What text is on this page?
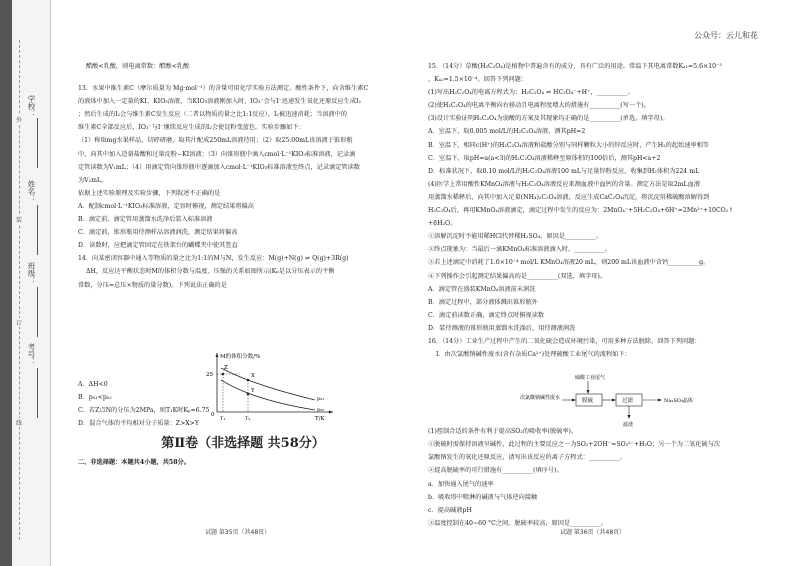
外
装
订
线
学校：
姓名：
班级：
考号：
公众号：云儿和花

醋酸<乳酸，则电离常数：醋酸<乳酸

13．水果中维生素C（摩尔质量为 Mg·mol⁻¹）的含量可用化学实验方法测定。酸性条件下，向含维生素C

的液体中加入一定量的KI、KIO₃溶液，当KIO₃溶液刚加入时，IO₃⁻会与I⁻迅速发生氧化还原反应生成I₂

；然后生成的I₂会与维生素C发生反应（二者以物质的量之比1:1反应），I₂被迅速消耗；当溶液中的

维生素C全部反应后，IO₃⁻与I⁻继续反应生成的I₂会使淀粉变蓝色。实验步骤如下：

（1）称取mg水果样品，切碎研磨，取其汁配成250mL溶液待用；（2）取25.00mL该溶液于锥形瓶

中，向其中加入适量盐酸和过量淀粉−KI溶液；（3）向锥形瓶中滴入cmol·L⁻¹KIO₃标准溶液，记录滴

定管读数为V₁mL；（4）用滴定管向锥形瓶中逐滴加入cmol·L⁻¹KIO₃标准溶液至终点，记录滴定管读数

为V₂mL。

依据上述实验原理及实验步骤，下列叙述不正确的是

A．配制cmol·L⁻¹KIO₃标准溶液，定容时俯视，测定结果将偏高

B．滴定前，滴定管用蒸馏水洗净后装入标准溶液

C．滴定前，锥形瓶用待测样品溶液润洗，测定结果将偏高

D．读数时，应把滴定管固定在铁架台的蝴蝶夹中使其竖直

14．向某密闭容器中通入等物质的量之比为1:1的M与N，发生反应：M(g)+N(g) ⇌ Q(g)+3R(g)

ΔH，反应达平衡状态时M的体积分数与温度、压强的关系如图所示(Kₚ是以分压表示的平衡

常数，分压=总压×物质的量分数)。下列说法正确的是

A．ΔH<0

B．p₀₁<p₀₂

C．若Z点N的分压为2MPa，则T₁K时Kₚ=6.75

D．混合气体的平均相对分子质量：Z>X>Y

第Ⅱ卷（非选择题 共58分）

二、非选择题：本题共4小题，共58分。

M的体积分数/%
25
0
T/K
Z
X
Y
p₀₁
p₀₂
T₁	T₂

15．（14分）草酸(H₂C₂O₄)是植物中普遍含有的成分，具有广泛的用途。常温下其电离常数Kₐ₁=5.6×10⁻²

，Kₐ₂=1.5×10⁻⁴。回答下列问题：

(1)写出H₂C₂O₄的电离方程式为：H₂C₂O₄ ⇌ HC₂O₄⁻+H⁺，__________。

(2)使H₂C₂O₄的电离平衡向右移动且电离程度增大的措施有__________(写一个)。

(3)设计实验证明H₂C₂O₄为弱酸的方案及其现象均正确的是__________(单选，填字母)。

A．室温下，取0.005 mol/L的H₂C₂O₄溶液，测其pH=2

B．室温下，相同c(H⁺)的H₂C₂O₄溶液和盐酸分别与同样颗粒大小的锌反应时，产生H₂的起始速率相等

C．室温下，取pH=a(a<3)的H₂C₂O₄溶液稀释至原体积的100倍后，测其pH<a+2

D．标准状况下，取0.10 mol/L的H₂C₂O₄溶液100 mL与足量锌粉反应，收集到H₂体积为224 mL

(4)医学上常用酸性KMnO₄溶液与H₂C₂O₄溶液反应来测血液中血钙的含量。测定方法是取2mL血液

用蒸馏水稀释后，向其中加入足量(NH₄)₂C₂O₄溶液，反应生成CaC₂O₄沉淀，将沉淀用稀硫酸溶解得到

H₂C₂O₄后，再用KMnO₄溶液滴定，滴定过程中发生的反应为：2MnO₄⁻+5H₂C₂O₄+6H⁺=2Mn²⁺+10CO₂↑

+8H₂O。

①溶解沉淀时不能用稀HCl代替稀H₂SO₄，原因是__________。

②终点现象为：当最后一滴KMnO₄标准溶液滴入时，__________。

③若上述滴定中消耗了1.0×10⁻⁴ mol/L KMnO₄溶液20 mL，则200 mL该血液中含钙__________g。

④下列操作会引起测定结果偏高的是__________(双选，填字母)。

A．滴定管在盛装KMnO₄溶液前未润洗

B．滴定过程中，部分液体溅出锥形瓶外

C．滴定前读数正确，滴定终点时俯视读数

D．装待测液的锥形瓶用蒸馏水洗涤后，用待测液润洗

16．（14分）工业生产过程中产生的二氧化硫会造成环境污染，可用多种方法脱除。回答下列问题：

Ⅰ．由次氯酸钠碱性废水(含有杂质Ca²⁺)处理硫酸工业尾气的流程如下：

(1)控制合适的条件有利于提高SO₂的吸收率(脱硫率)。

①脱硫时需保持溶液呈碱性，此过程的主要反应之一为SO₂+2OH⁻=SO₃²⁻+H₂O；另一个为二氧化硫与次

氯酸钠发生的氧化还原反应，请写出该反应的离子方程式：__________。

②提高脱硫率的可行措施有__________(填序号)。

a．加快通入尾气的速率

b．吸收塔中喷淋的碱液与气体逆向接触

c．提高碱液pH

③温度控制在40~60 °C之间，脱硫率较高，原因是__________。

硫酸工业尾气
次氯酸钠碱性废水	脱硫	过滤	Na₂SO₄晶体
滤渣
试题 第35页（共48页）	试题 第36页（共48页）
